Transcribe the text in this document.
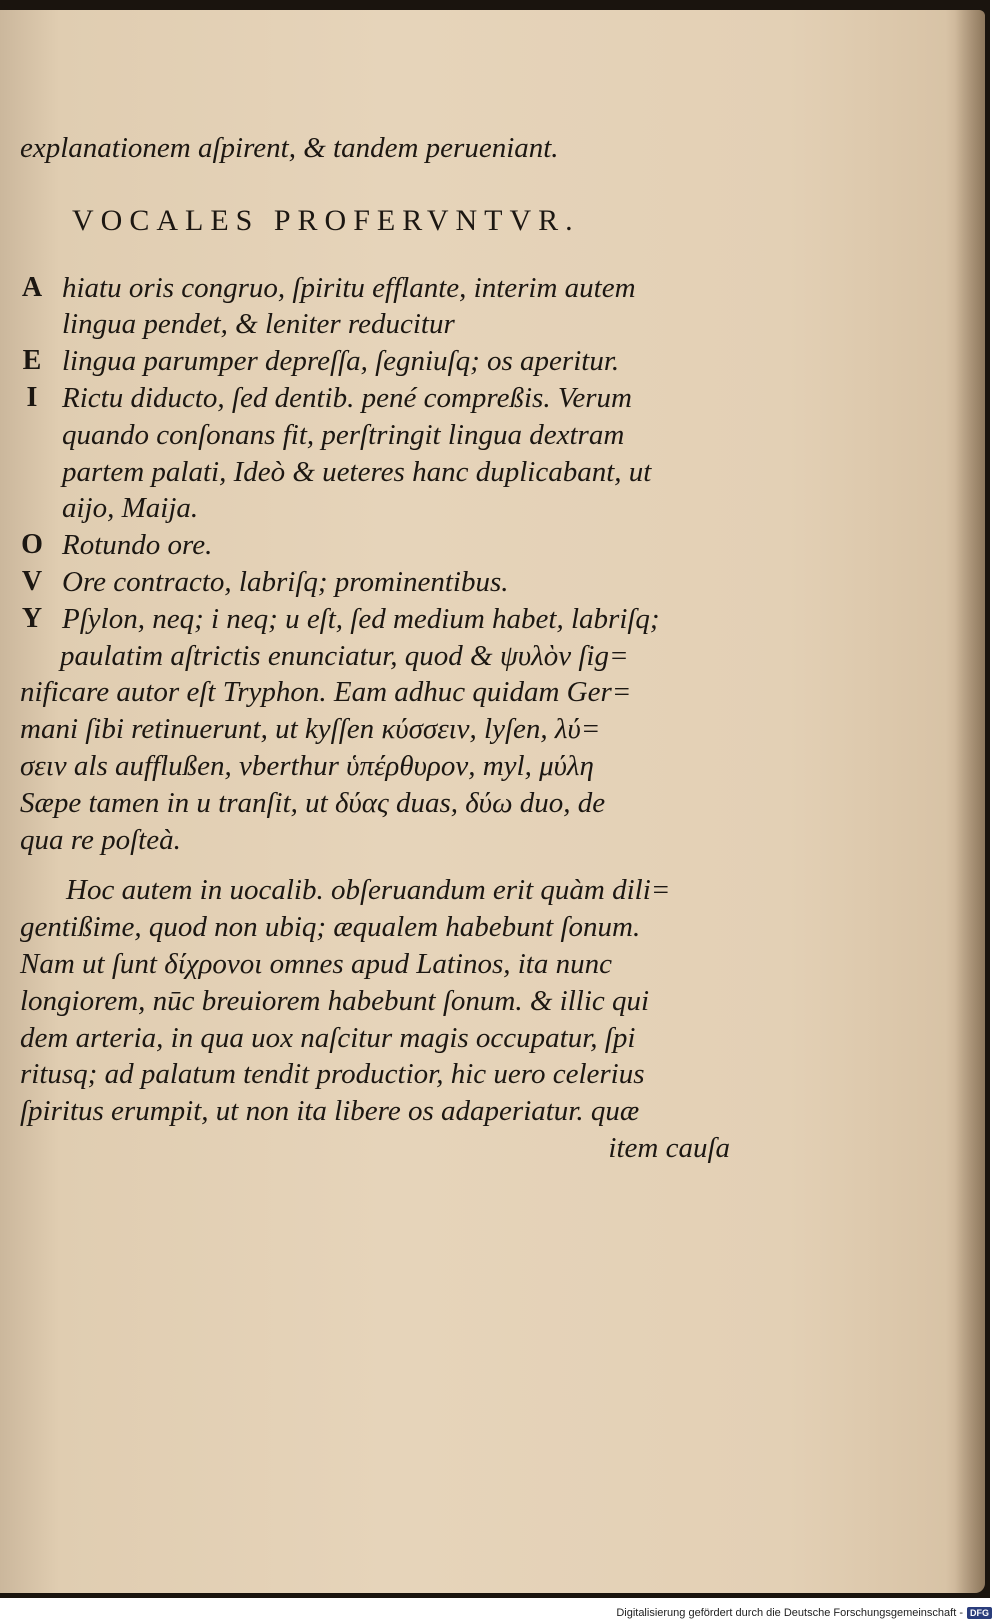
explanationem aſpirent, & tandem perueniant.
VOCALES PROFERVNTVR.
A hiatu oris congruo, ſpiritu efflante, interim autem
lingua pendet, & leniter reducitur
E lingua parumper depreſſa, ſegniuſq; os aperitur.
I Rictu diducto, ſed dentib. pené compreßis. Verum
quando conſonans fit, perſtringit lingua dextram
partem palati, Ideò & ueteres hanc duplicabant, ut
aijo, Maija.
O Rotundo ore.
V Ore contracto, labriſq; prominentibus.
Y Pſylon, neq; i neq; u eſt, ſed medium habet, labriſq;
paulatim aſtrictis enunciatur, quod & ψυλὸν ſig=
nificare autor eſt Tryphon. Eam adhuc quidam Ger=
mani ſibi retinuerunt, ut kyſſen κύσσειν, lyſen, λύ=
σειν als aufflußen, vberthur ὑπέρθυρον, myl, μύλη
Sæpe tamen in u tranſit, ut δύας duas, δύω duo, de
qua re poſteà.
Hoc autem in uocalib. obſeruandum erit quàm dili=
gentißime, quod non ubiq; æqualem habebunt ſonum.
Nam ut ſunt δίχρονοι omnes apud Latinos, ita nunc
longiorem, nūc breuiorem habebunt ſonum. & illic qui
dem arteria, in qua uox naſcitur magis occupatur, ſpi
ritusq; ad palatum tendit productior, hic uero celerius
ſpiritus erumpit, ut non ita libere os adaperiatur. quæ
item cauſa
Digitalisierung gefördert durch die Deutsche Forschungsgemeinschaft - DFG
